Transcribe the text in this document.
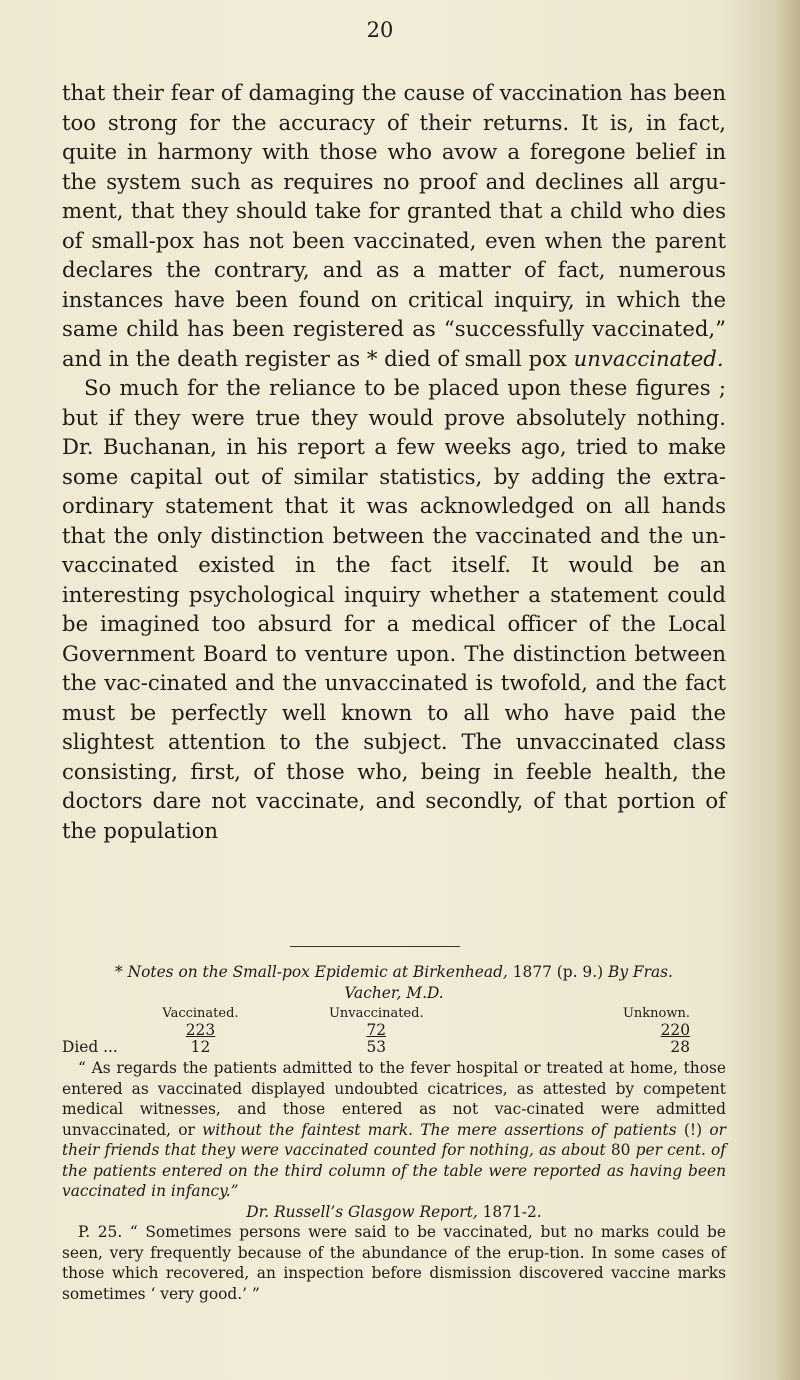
20

that their fear of damaging the cause of vaccination has been too strong for the accuracy of their returns. It is, in fact, quite in harmony with those who avow a foregone belief in the system such as requires no proof and declines all argu-ment, that they should take for granted that a child who dies of small-pox has not been vaccinated, even when the parent declares the contrary, and as a matter of fact, numerous instances have been found on critical inquiry, in which the same child has been registered as “successfully vaccinated,” and in the death register as * died of small pox unvaccinated.

So much for the reliance to be placed upon these figures ; but if they were true they would prove absolutely nothing. Dr. Buchanan, in his report a few weeks ago, tried to make some capital out of similar statistics, by adding the extra-ordinary statement that it was acknowledged on all hands that the only distinction between the vaccinated and the un-vaccinated existed in the fact itself. It would be an interesting psychological inquiry whether a statement could be imagined too absurd for a medical officer of the Local Government Board to venture upon. The distinction between the vac-cinated and the unvaccinated is twofold, and the fact must be perfectly well known to all who have paid the slightest attention to the subject. The unvaccinated class consisting, first, of those who, being in feeble health, the doctors dare not vaccinate, and secondly, of that portion of the population

* Notes on the Small-pox Epidemic at Birkenhead, 1877 (p. 9.) By Fras.
Vacher, M.D.

	Vaccinated.	Unvaccinated.	Unknown.
	223	72	220
Died ...	12	53	28

“ As regards the patients admitted to the fever hospital or treated at home, those entered as vaccinated displayed undoubted cicatrices, as attested by competent medical witnesses, and those entered as not vac-cinated were admitted unvaccinated, or without the faintest mark. The mere assertions of patients (!) or their friends that they were vaccinated counted for nothing, as about 80 per cent. of the patients entered on the third column of the table were reported as having been vaccinated in infancy.”

Dr. Russell’s Glasgow Report, 1871-2.

P. 25. “ Sometimes persons were said to be vaccinated, but no marks could be seen, very frequently because of the abundance of the erup-tion. In some cases of those which recovered, an inspection before dismission discovered vaccine marks sometimes ‘ very good.’ ”
